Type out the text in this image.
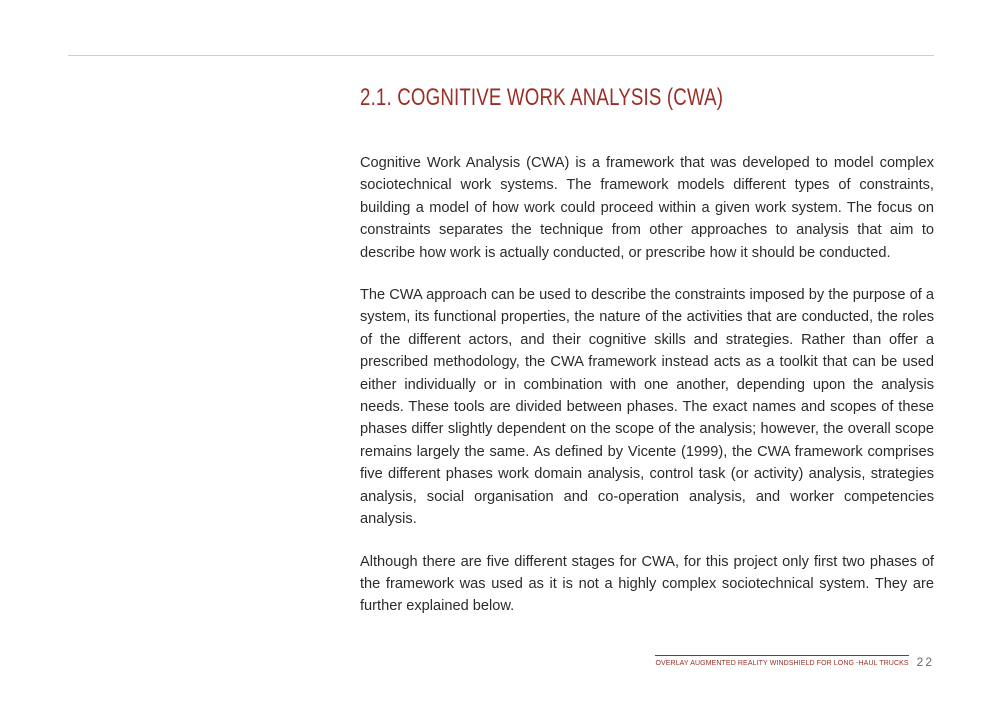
2.1. COGNITIVE WORK ANALYSIS (CWA)

Cognitive Work Analysis (CWA) is a framework that was developed to model complex sociotechnical work systems. The framework models different types of constraints, building a model of how work could proceed within a given work system. The focus on constraints separates the technique from other approaches to analysis that aim to describe how work is actually conducted, or prescribe how it should be conducted.

The CWA approach can be used to describe the constraints imposed by the purpose of a system, its functional properties, the nature of the activities that are conducted, the roles of the different actors, and their cognitive skills and strategies. Rather than offer a prescribed methodology, the CWA framework instead acts as a toolkit that can be used either individually or in combination with one another, depending upon the analysis needs. These tools are divided between phases. The exact names and scopes of these phases differ slightly dependent on the scope of the analysis; however, the overall scope remains largely the same. As defined by Vicente (1999), the CWA framework comprises five different phases work domain analysis, control task (or activity) analysis, strategies analysis, social organisation and co-operation analysis, and worker competencies analysis.

Although there are five different stages for CWA, for this project only first two phases of the framework was used as it is not a highly complex sociotechnical system. They are further explained below.

OVERLAY AUGMENTED REALITY WINDSHIELD FOR LONG -HAUL TRUCKS 22
